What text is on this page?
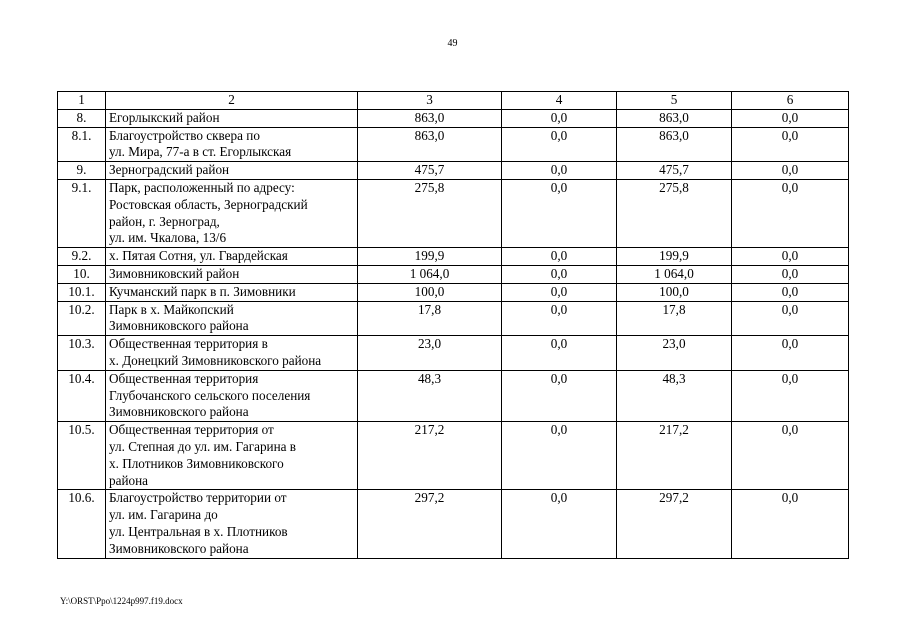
49
1	2	3	4	5	6
8.	Егорлыкский район	863,0	0,0	863,0	0,0
8.1.	Благоустройство сквера по
ул. Мира, 77-а в ст. Егорлыкская	863,0	0,0	863,0	0,0
9.	Зерноградский район	475,7	0,0	475,7	0,0
9.1.	Парк, расположенный по адресу:
Ростовская область, Зерноградский
район, г. Зерноград,
ул. им. Чкалова, 13/6	275,8	0,0	275,8	0,0
9.2.	х. Пятая Сотня, ул. Гвардейская	199,9	0,0	199,9	0,0
10.	Зимовниковский район	1 064,0	0,0	1 064,0	0,0
10.1.	Кучманский парк в п. Зимовники	100,0	0,0	100,0	0,0
10.2.	Парк в х. Майкопский
Зимовниковского района	17,8	0,0	17,8	0,0
10.3.	Общественная территория в
х. Донецкий Зимовниковского района	23,0	0,0	23,0	0,0
10.4.	Общественная территория
Глубочанского сельского поселения
Зимовниковского района	48,3	0,0	48,3	0,0
10.5.	Общественная территория от
ул. Степная до ул. им. Гагарина в
х. Плотников Зимовниковского
района	217,2	0,0	217,2	0,0
10.6.	Благоустройство территории от
ул. им. Гагарина до
ул. Центральная в х. Плотников
Зимовниковского района	297,2	0,0	297,2	0,0
Y:\ORST\Ppo\1224p997.f19.docx
